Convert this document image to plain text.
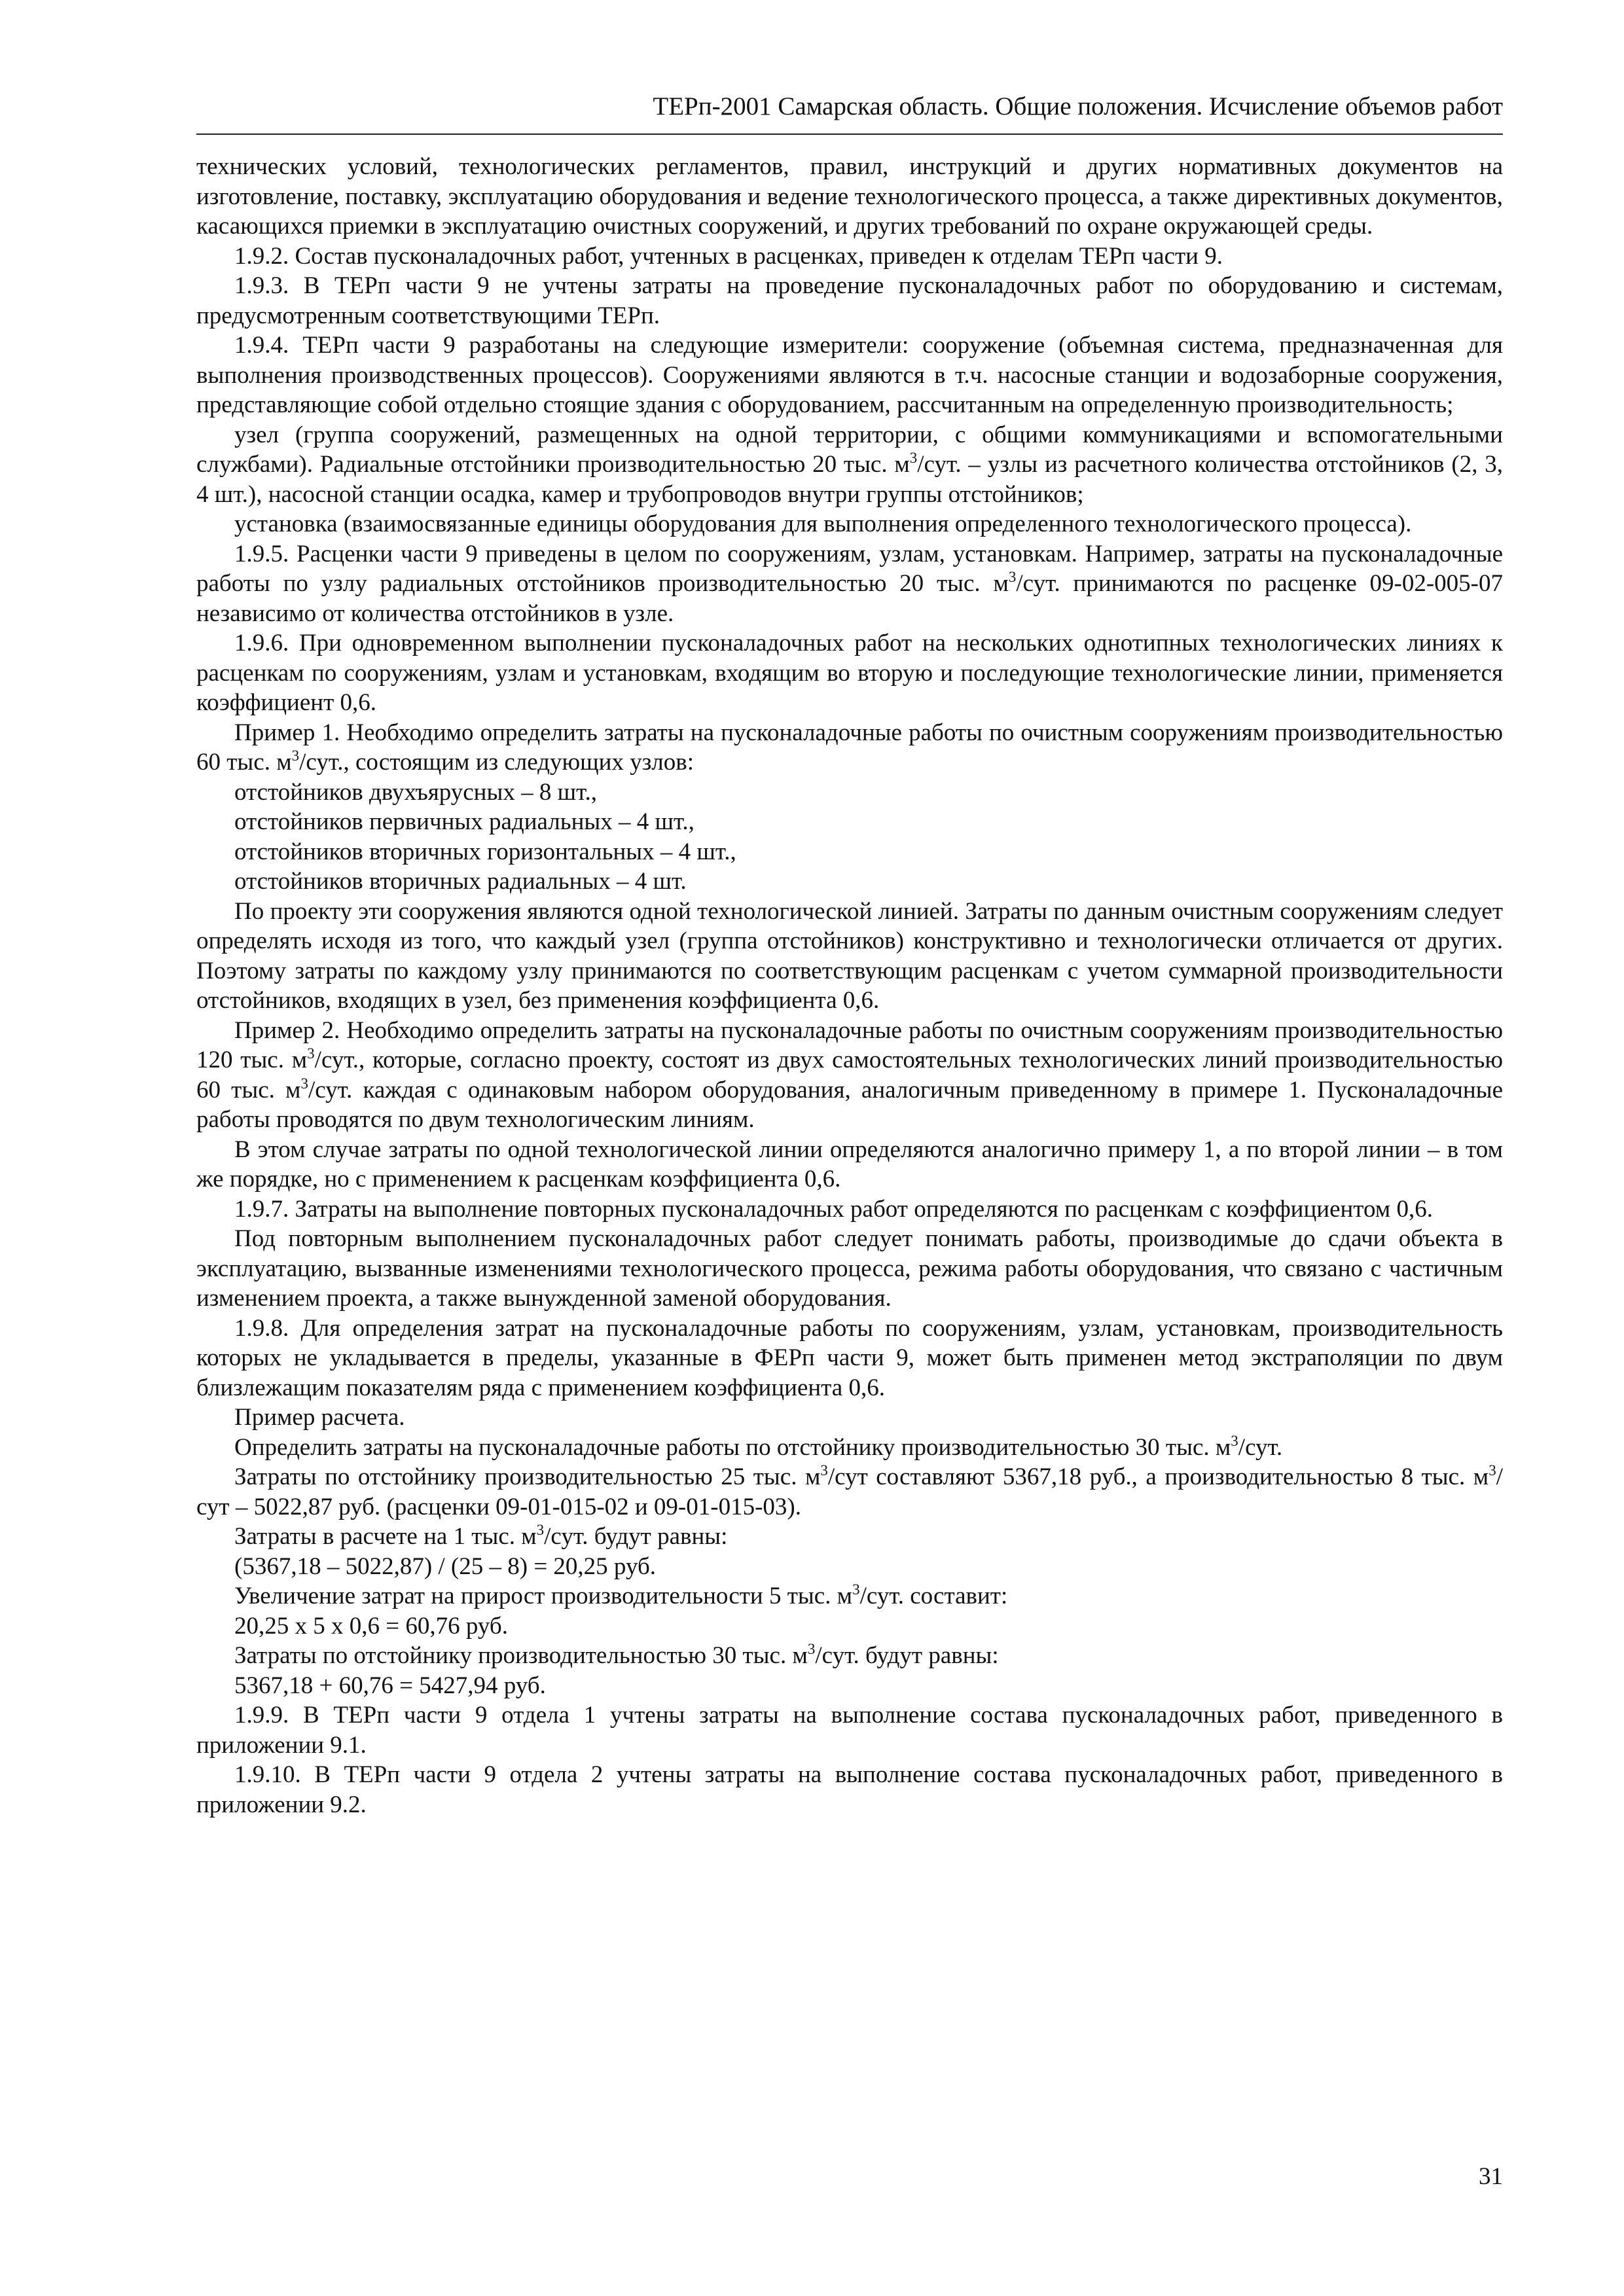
ТЕРп-2001 Самарская область. Общие положения. Исчисление объемов работ

технических условий, технологических регламентов, правил, инструкций и других нормативных документов на изготовление, поставку, эксплуатацию оборудования и ведение технологического процесса, а также директивных документов, касающихся приемки в эксплуатацию очистных сооружений, и других требований по охране окружающей среды.

1.9.2. Состав пусконаладочных работ, учтенных в расценках, приведен к отделам ТЕРп части 9.

1.9.3. В ТЕРп части 9 не учтены затраты на проведение пусконаладочных работ по оборудованию и системам, предусмотренным соответствующими ТЕРп.

1.9.4. ТЕРп части 9 разработаны на следующие измерители: сооружение (объемная система, предназначенная для выполнения производственных процессов). Сооружениями являются в т.ч. насосные станции и водозаборные сооружения, представляющие собой отдельно стоящие здания с оборудованием, рассчитанным на определенную производительность;

узел (группа сооружений, размещенных на одной территории, с общими коммуникациями и вспомогательными службами). Радиальные отстойники производительностью 20 тыс. $м^3$/сут. – узлы из расчетного количества отстойников (2, 3, 4 шт.), насосной станции осадка, камер и трубопроводов внутри группы отстойников;

установка (взаимосвязанные единицы оборудования для выполнения определенного технологического процесса).

1.9.5. Расценки части 9 приведены в целом по сооружениям, узлам, установкам. Например, затраты на пусконаладочные работы по узлу радиальных отстойников производительностью 20 тыс. $м^3$/сут. принимаются по расценке 09-02-005-07 независимо от количества отстойников в узле.

1.9.6. При одновременном выполнении пусконаладочных работ на нескольких однотипных технологических линиях к расценкам по сооружениям, узлам и установкам, входящим во вторую и последующие технологические линии, применяется коэффициент 0,6.

Пример 1. Необходимо определить затраты на пусконаладочные работы по очистным сооружениям производительностью 60 тыс. $м^3$/сут., состоящим из следующих узлов:

отстойников двухъярусных – 8 шт.,

отстойников первичных радиальных – 4 шт.,

отстойников вторичных горизонтальных – 4 шт.,

отстойников вторичных радиальных – 4 шт.

По проекту эти сооружения являются одной технологической линией. Затраты по данным очистным сооружениям следует определять исходя из того, что каждый узел (группа отстойников) конструктивно и технологически отличается от других. Поэтому затраты по каждому узлу принимаются по соответствующим расценкам с учетом суммарной производительности отстойников, входящих в узел, без применения коэффициента 0,6.

Пример 2. Необходимо определить затраты на пусконаладочные работы по очистным сооружениям производительностью 120 тыс. $м^3$/сут., которые, согласно проекту, состоят из двух самостоятельных технологических линий производительностью 60 тыс. $м^3$/сут. каждая с одинаковым набором оборудования, аналогичным приведенному в примере 1. Пусконаладочные работы проводятся по двум технологическим линиям.

В этом случае затраты по одной технологической линии определяются аналогично примеру 1, а по второй линии – в том же порядке, но с применением к расценкам коэффициента 0,6.

1.9.7. Затраты на выполнение повторных пусконаладочных работ определяются по расценкам с коэффициентом 0,6.

Под повторным выполнением пусконаладочных работ следует понимать работы, производимые до сдачи объекта в эксплуатацию, вызванные изменениями технологического процесса, режима работы оборудования, что связано с частичным изменением проекта, а также вынужденной заменой оборудования.

1.9.8. Для определения затрат на пусконаладочные работы по сооружениям, узлам, установкам, производительность которых не укладывается в пределы, указанные в ФЕРп части 9, может быть применен метод экстраполяции по двум близлежащим показателям ряда с применением коэффициента 0,6.

Пример расчета.

Определить затраты на пусконаладочные работы по отстойнику производительностью 30 тыс. $м^3$/сут.

Затраты по отстойнику производительностью 25 тыс. $м^3$/сут составляют 5367,18 руб., а производительностью 8 тыс. $м^3$/сут – 5022,87 руб. (расценки 09-01-015-02 и 09-01-015-03).

Затраты в расчете на 1 тыс. $м^3$/сут. будут равны:

(5367,18 – 5022,87) / (25 – 8) = 20,25 руб.

Увеличение затрат на прирост производительности 5 тыс. $м^3$/сут. составит:

20,25 х 5 х 0,6 = 60,76 руб.

Затраты по отстойнику производительностью 30 тыс. $м^3$/сут. будут равны:

5367,18 + 60,76 = 5427,94 руб.

1.9.9. В ТЕРп части 9 отдела 1 учтены затраты на выполнение состава пусконаладочных работ, приведенного в приложении 9.1.

1.9.10. В ТЕРп части 9 отдела 2 учтены затраты на выполнение состава пусконаладочных работ, приведенного в приложении 9.2.

31
